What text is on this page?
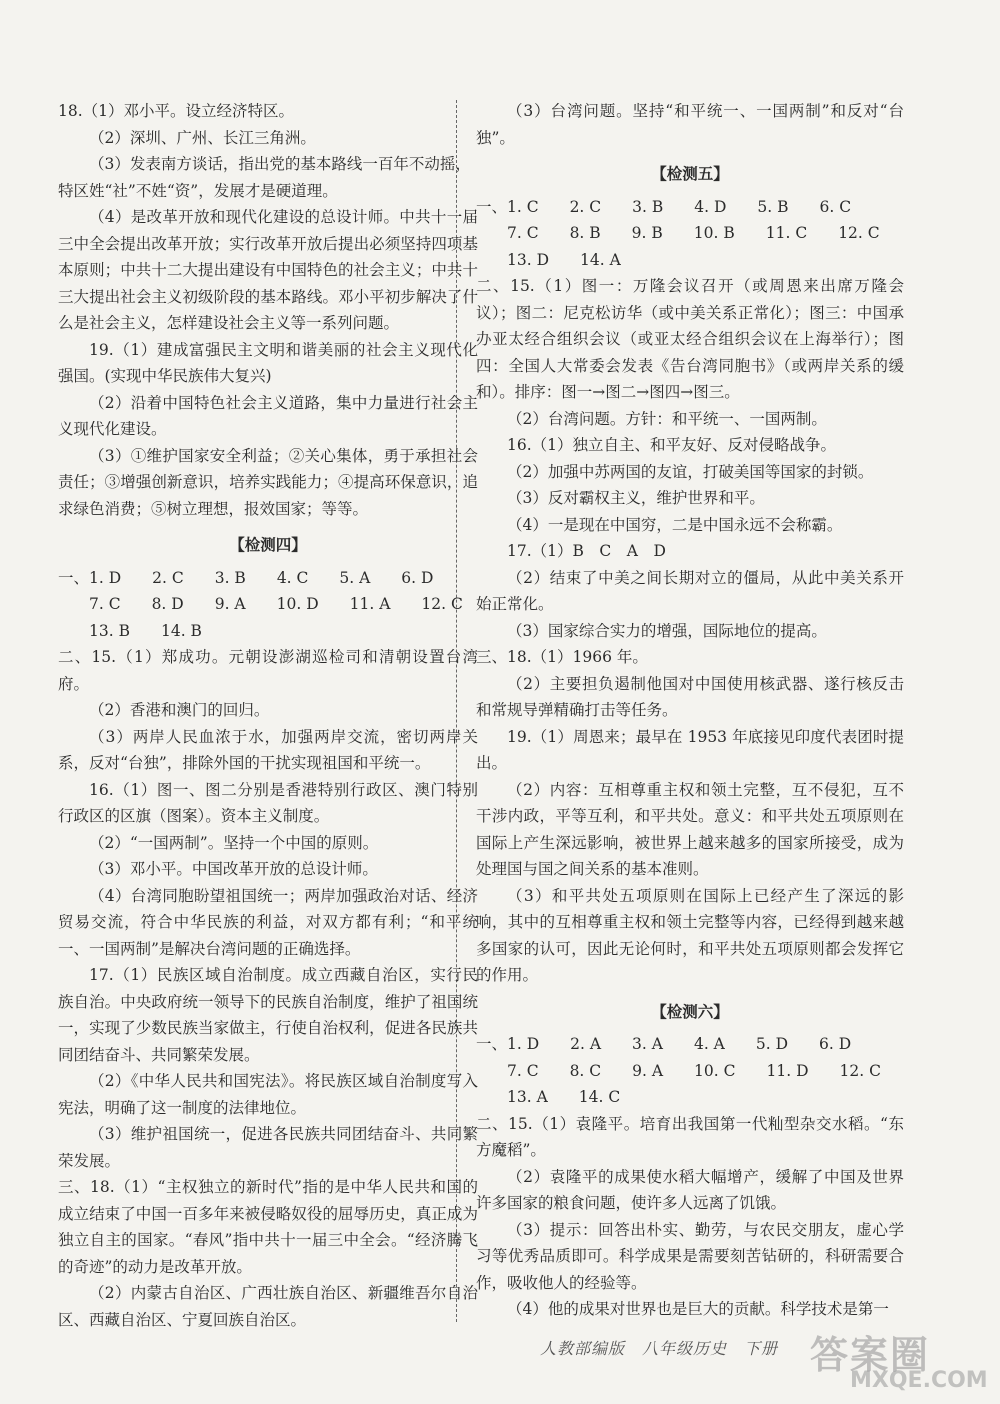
18.（1）邓小平。设立经济特区。

（2）深圳、广州、长江三角洲。

（3）发表南方谈话，指出党的基本路线一百年不动摇，

特区姓“社”不姓“资”，发展才是硬道理。

（4）是改革开放和现代化建设的总设计师。中共十一届三中全会提出改革开放；实行改革开放后提出必须坚持四项基本原则；中共十二大提出建设有中国特色的社会主义；中共十三大提出社会主义初级阶段的基本路线。邓小平初步解决了什么是社会主义，怎样建设社会主义等一系列问题。

19.（1）建成富强民主文明和谐美丽的社会主义现代化强国。(实现中华民族伟大复兴)

（2）沿着中国特色社会主义道路，集中力量进行社会主义现代化建设。

（3）①维护国家安全利益；②关心集体，勇于承担社会责任；③增强创新意识，培养实践能力；④提高环保意识，追求绿色消费；⑤树立理想，报效国家；等等。

【检测四】

一、1. D　　2. C　　3. B　　4. C　　5. A　　6. D

7. C　　8. D　　9. A　　10. D　　11. A　　12. C

13. B　　14. B

二、15.（1）郑成功。元朝设澎湖巡检司和清朝设置台湾府。

（2）香港和澳门的回归。

（3）两岸人民血浓于水，加强两岸交流，密切两岸关系，反对“台独”，排除外国的干扰实现祖国和平统一。

16.（1）图一、图二分别是香港特别行政区、澳门特别行政区的区旗（图案）。资本主义制度。

（2）“一国两制”。坚持一个中国的原则。

（3）邓小平。中国改革开放的总设计师。

（4）台湾同胞盼望祖国统一；两岸加强政治对话、经济贸易交流，符合中华民族的利益，对双方都有利；“和平统一、一国两制”是解决台湾问题的正确选择。

17.（1）民族区域自治制度。成立西藏自治区，实行民族自治。中央政府统一领导下的民族自治制度，维护了祖国统一，实现了少数民族当家做主，行使自治权利，促进各民族共同团结奋斗、共同繁荣发展。

（2）《中华人民共和国宪法》。将民族区域自治制度写入宪法，明确了这一制度的法律地位。

（3）维护祖国统一，促进各民族共同团结奋斗、共同繁荣发展。

三、18.（1）“主权独立的新时代”指的是中华人民共和国的成立结束了中国一百多年来被侵略奴役的屈辱历史，真正成为独立自主的国家。“春风”指中共十一届三中全会。“经济腾飞的奇迹”的动力是改革开放。

（2）内蒙古自治区、广西壮族自治区、新疆维吾尔自治区、西藏自治区、宁夏回族自治区。

（3）台湾问题。坚持“和平统一、一国两制”和反对“台独”。

【检测五】

一、1. C　　2. C　　3. B　　4. D　　5. B　　6. C

7. C　　8. B　　9. B　　10. B　　11. C　　12. C

13. D　　14. A

二、15.（1）图一：万隆会议召开（或周恩来出席万隆会议）；图二：尼克松访华（或中美关系正常化）；图三：中国承办亚太经合组织会议（或亚太经合组织会议在上海举行）；图四：全国人大常委会发表《告台湾同胞书》（或两岸关系的缓和）。排序：图一→图二→图四→图三。

（2）台湾问题。方针：和平统一、一国两制。

16.（1）独立自主、和平友好、反对侵略战争。

（2）加强中苏两国的友谊，打破美国等国家的封锁。

（3）反对霸权主义，维护世界和平。

（4）一是现在中国穷，二是中国永远不会称霸。

17.（1）B　C　A　D

（2）结束了中美之间长期对立的僵局，从此中美关系开始正常化。

（3）国家综合实力的增强，国际地位的提高。

三、18.（1）1966 年。

（2）主要担负遏制他国对中国使用核武器、遂行核反击和常规导弹精确打击等任务。

19.（1）周恩来；最早在 1953 年底接见印度代表团时提出。

（2）内容：互相尊重主权和领土完整，互不侵犯，互不干涉内政，平等互利，和平共处。意义：和平共处五项原则在国际上产生深远影响，被世界上越来越多的国家所接受，成为处理国与国之间关系的基本准则。

（3）和平共处五项原则在国际上已经产生了深远的影响，其中的互相尊重主权和领土完整等内容，已经得到越来越多国家的认可，因此无论何时，和平共处五项原则都会发挥它的作用。

【检测六】

一、1. D　　2. A　　3. A　　4. A　　5. D　　6. D

7. C　　8. C　　9. A　　10. C　　11. D　　12. C

13. A　　14. C

二、15.（1）袁隆平。培育出我国第一代籼型杂交水稻。“东方魔稻”。

（2）袁隆平的成果使水稻大幅增产，缓解了中国及世界许多国家的粮食问题，使许多人远离了饥饿。

（3）提示：回答出朴实、勤劳，与农民交朋友，虚心学习等优秀品质即可。科学成果是需要刻苦钻研的，科研需要合作，吸收他人的经验等。

（4）他的成果对世界也是巨大的贡献。科学技术是第一

人教部编版　八年级历史　下册 答案圈
MXQE.COM
